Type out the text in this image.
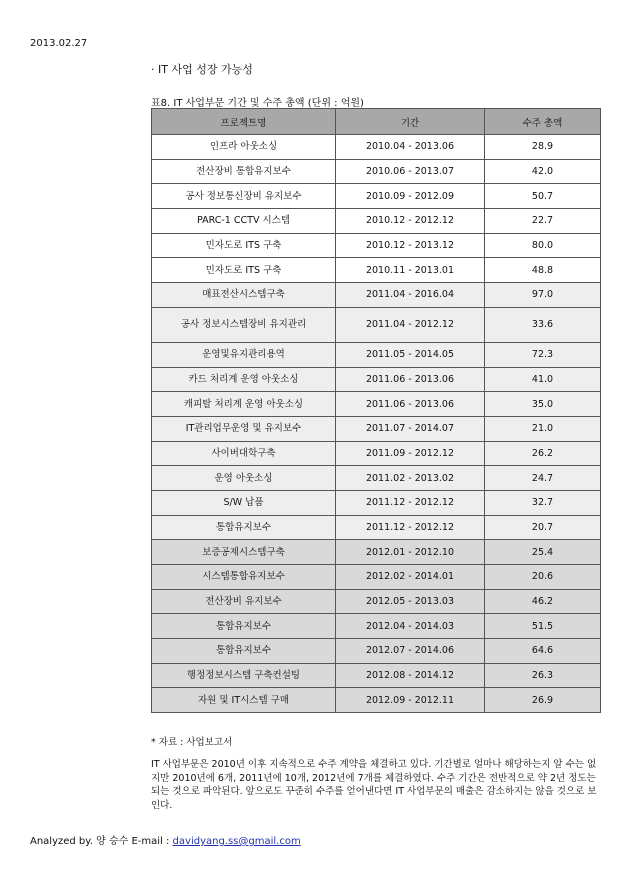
2013.02.27
· IT 사업 성장 가능성
표8. IT 사업부문 기간 및 수주 총액 (단위 : 억원)
프로젝트명	기간	수주 총액
인프라 아웃소싱	2010.04 - 2013.06	28.9
전산장비 통합유지보수	2010.06 - 2013.07	42.0
공사 정보통신장비 유지보수	2010.09 - 2012.09	50.7
PARC-1 CCTV 시스템	2010.12 - 2012.12	22.7
민자도로 ITS 구축	2010.12 - 2013.12	80.0
민자도로 ITS 구축	2010.11 - 2013.01	48.8
매표전산시스템구축	2011.04 - 2016.04	97.0
공사 정보시스템장비 유지관리	2011.04 - 2012.12	33.6
운영및유지관리용역	2011.05 - 2014.05	72.3
카드 처리계 운영 아웃소싱	2011.06 - 2013.06	41.0
캐피탈 처리계 운영 아웃소싱	2011.06 - 2013.06	35.0
IT관리업무운영 및 유지보수	2011.07 - 2014.07	21.0
사이버대학구축	2011.09 - 2012.12	26.2
운영 아웃소싱	2011.02 - 2013.02	24.7
S/W 납품	2011.12 - 2012.12	32.7
통합유지보수	2011.12 - 2012.12	20.7
보증공제시스템구축	2012.01 - 2012.10	25.4
시스템통합유지보수	2012.02 - 2014.01	20.6
전산장비 유지보수	2012.05 - 2013.03	46.2
통합유지보수	2012.04 - 2014.03	51.5
통합유지보수	2012.07 - 2014.06	64.6
행정정보시스템 구축컨설팅	2012.08 - 2014.12	26.3
자원 및 IT시스템 구매	2012.09 - 2012.11	26.9
* 자료 : 사업보고서
IT 사업부문은 2010년 이후 지속적으로 수주 계약을 체결하고 있다. 기간별로 얼마나 해당하는지 알 수는 없지만 2010년에 6개, 2011년에 10개, 2012년에 7개를 체결하였다. 수주 기간은 전반적으로 약 2년 정도는 되는 것으로 파악된다. 앞으로도 꾸준히 수주를 얻어낸다면 IT 사업부문의 매출은 감소하지는 않을 것으로 보인다.
Analyzed by. 양 승수 E-mail : davidyang.ss@gmail.com
